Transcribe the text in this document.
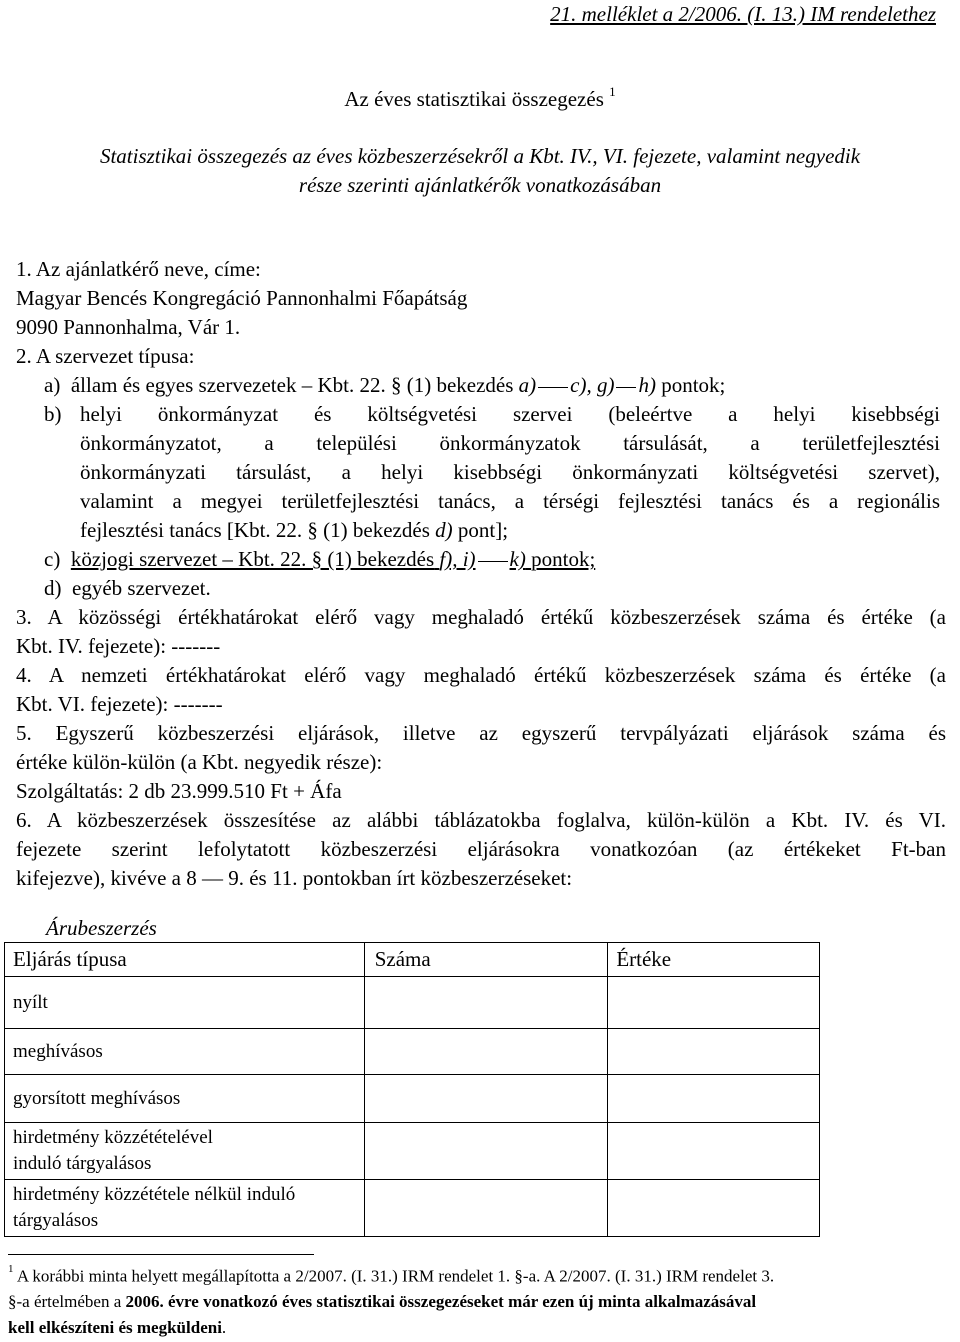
21. melléklet a 2/2006. (I. 13.) IM rendelethez
Az éves statisztikai összegezés $^1$
Statisztikai összegezés az éves közbeszerzésekről a Kbt. IV., VI. fejezete, valamint negyedik
része szerinti ajánlatkérők vonatkozásában
1. Az ajánlatkérő neve, címe:
Magyar Bencés Kongregáció Pannonhalmi Főapátság
9090 Pannonhalma, Vár 1.
2. A szervezet típusa:
a) állam és egyes szervezetek – Kbt. 22. § (1) bekezdés a) c), g) h) pontok;
b) helyi önkormányzat és költségvetési szervei (beleértve a helyi kisebbségi
önkormányzatot, a települési önkormányzatok társulását, a területfejlesztési
önkormányzati társulást, a helyi kisebbségi önkormányzati költségvetési szervet),
valamint a megyei területfejlesztési tanács, a térségi fejlesztési tanács és a regionális
fejlesztési tanács [Kbt. 22. § (1) bekezdés d) pont];
c) közjogi szervezet – Kbt. 22. § (1) bekezdés f), i) k) pontok;
d) egyéb szervezet.
3. A közösségi értékhatárokat elérő vagy meghaladó értékű közbeszerzések száma és értéke (a
Kbt. IV. fejezete): -------
4. A nemzeti értékhatárokat elérő vagy meghaladó értékű közbeszerzések száma és értéke (a
Kbt. VI. fejezete): -------
5. Egyszerű közbeszerzési eljárások, illetve az egyszerű tervpályázati eljárások száma és
értéke külön-külön (a Kbt. negyedik része):
Szolgáltatás: 2 db 23.999.510 Ft + Áfa
6. A közbeszerzések összesítése az alábbi táblázatokba foglalva, külön-külön a Kbt. IV. és VI.
fejezete szerint lefolytatott közbeszerzési eljárásokra vonatkozóan (az értékeket Ft-ban
kifejezve), kivéve a 8 — 9. és 11. pontokban írt közbeszerzéseket:
Árubeszerzés
Eljárás típusa	Száma	Értéke
nyílt		
meghívásos		
gyorsított meghívásos		
hirdetmény közzétételével induló tárgyalásos		
hirdetmény közzététele nélkül induló tárgyalásos		
$^1$ A korábbi minta helyett megállapította a 2/2007. (I. 31.) IRM rendelet 1. §-a. A 2/2007. (I. 31.) IRM rendelet 3.
§-a értelmében a 2006. évre vonatkozó éves statisztikai összegezéseket már ezen új minta alkalmazásával
kell elkészíteni és megküldeni.
